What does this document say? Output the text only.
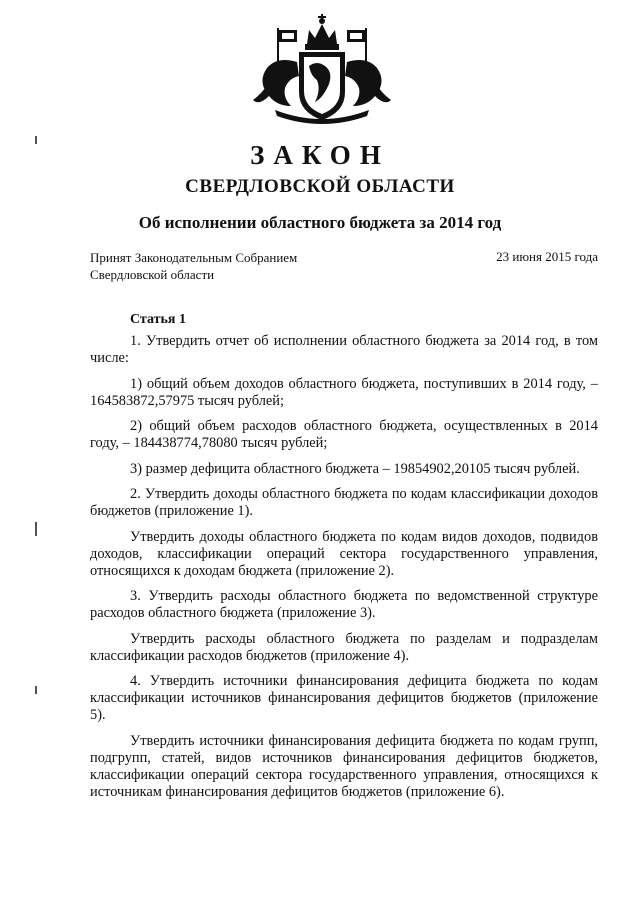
ЗАКОН
СВЕРДЛОВСКОЙ ОБЛАСТИ
Об исполнении областного бюджета за 2014 год
Принят Законодательным Собранием
Свердловской области
23 июня 2015 года
Статья 1

1. Утвердить отчет об исполнении областного бюджета за 2014 год, в том числе:

1) общий объем доходов областного бюджета, поступивших в 2014 году, – 164583872,57975 тысяч рублей;

2) общий объем расходов областного бюджета, осуществленных в 2014 году, – 184438774,78080 тысяч рублей;

3) размер дефицита областного бюджета – 19854902,20105 тысяч рублей.

2. Утвердить доходы областного бюджета по кодам классификации доходов бюджетов (приложение 1).

Утвердить доходы областного бюджета по кодам видов доходов, подвидов доходов, классификации операций сектора государственного управления, относящихся к доходам бюджета (приложение 2).

3. Утвердить расходы областного бюджета по ведомственной структуре расходов областного бюджета (приложение 3).

Утвердить расходы областного бюджета по разделам и подразделам классификации расходов бюджетов (приложение 4).

4. Утвердить источники финансирования дефицита бюджета по кодам классификации источников финансирования дефицитов бюджетов (приложение 5).

Утвердить источники финансирования дефицита бюджета по кодам групп, подгрупп, статей, видов источников финансирования дефицитов бюджетов, классификации операций сектора государственного управления, относящихся к источникам финансирования дефицитов бюджетов (приложение 6).
